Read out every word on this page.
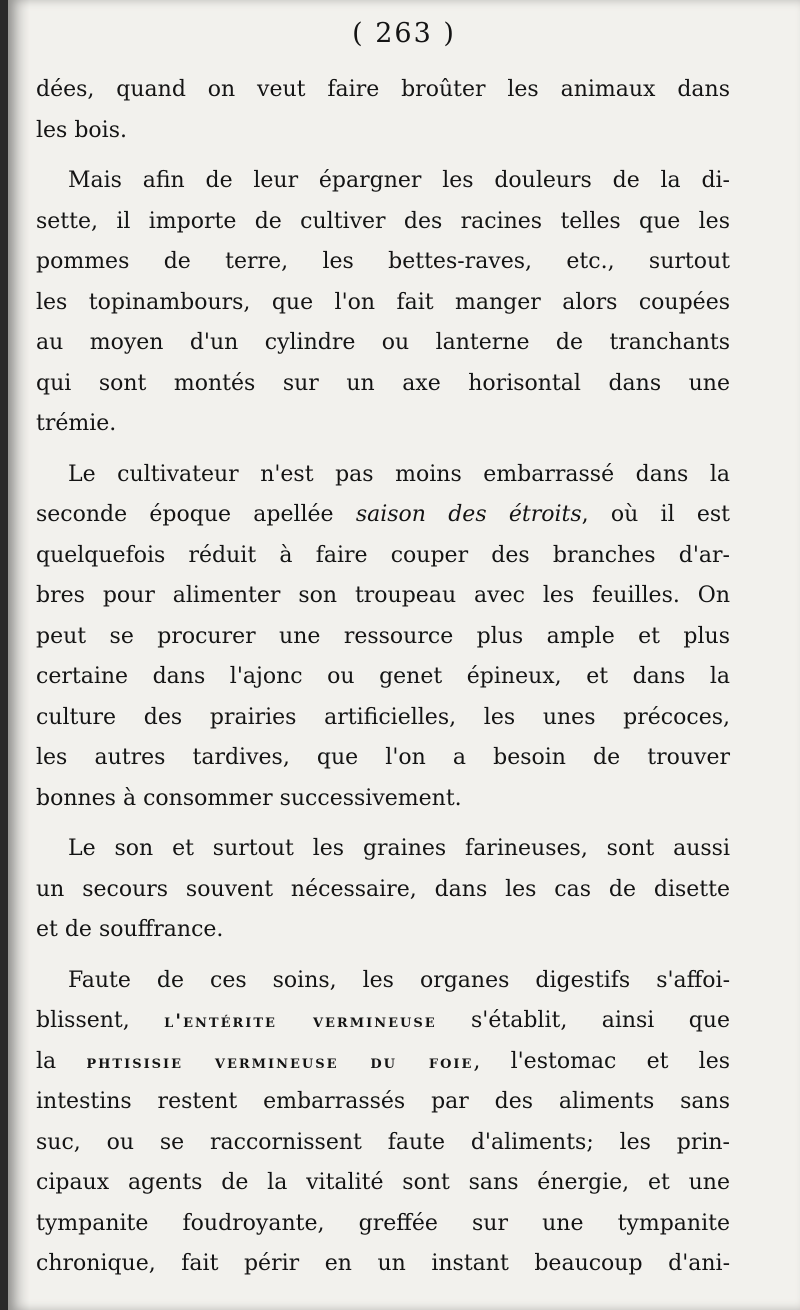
( 263 )
dées, quand on veut faire broûter les animaux dans
les bois.
Mais afin de leur épargner les douleurs de la di-
sette, il importe de cultiver des racines telles que les
pommes de terre, les bettes-raves, etc., surtout
les topinambours, que l'on fait manger alors coupées
au moyen d'un cylindre ou lanterne de tranchants
qui sont montés sur un axe horisontal dans une
trémie.
Le cultivateur n'est pas moins embarrassé dans la
seconde époque apellée saison des étroits, où il est
quelquefois réduit à faire couper des branches d'ar-
bres pour alimenter son troupeau avec les feuilles. On
peut se procurer une ressource plus ample et plus
certaine dans l'ajonc ou genet épineux, et dans la
culture des prairies artificielles, les unes précoces,
les autres tardives, que l'on a besoin de trouver
bonnes à consommer successivement.
Le son et surtout les graines farineuses, sont aussi
un secours souvent nécessaire, dans les cas de disette
et de souffrance.
Faute de ces soins, les organes digestifs s'affoi-
blissent, l'entérite vermineuse s'établit, ainsi que
la phtisisie vermineuse du foie, l'estomac et les
intestins restent embarrassés par des aliments sans
suc, ou se raccornissent faute d'aliments; les prin-
cipaux agents de la vitalité sont sans énergie, et une
tympanite foudroyante, greffée sur une tympanite
chronique, fait périr en un instant beaucoup d'ani-
